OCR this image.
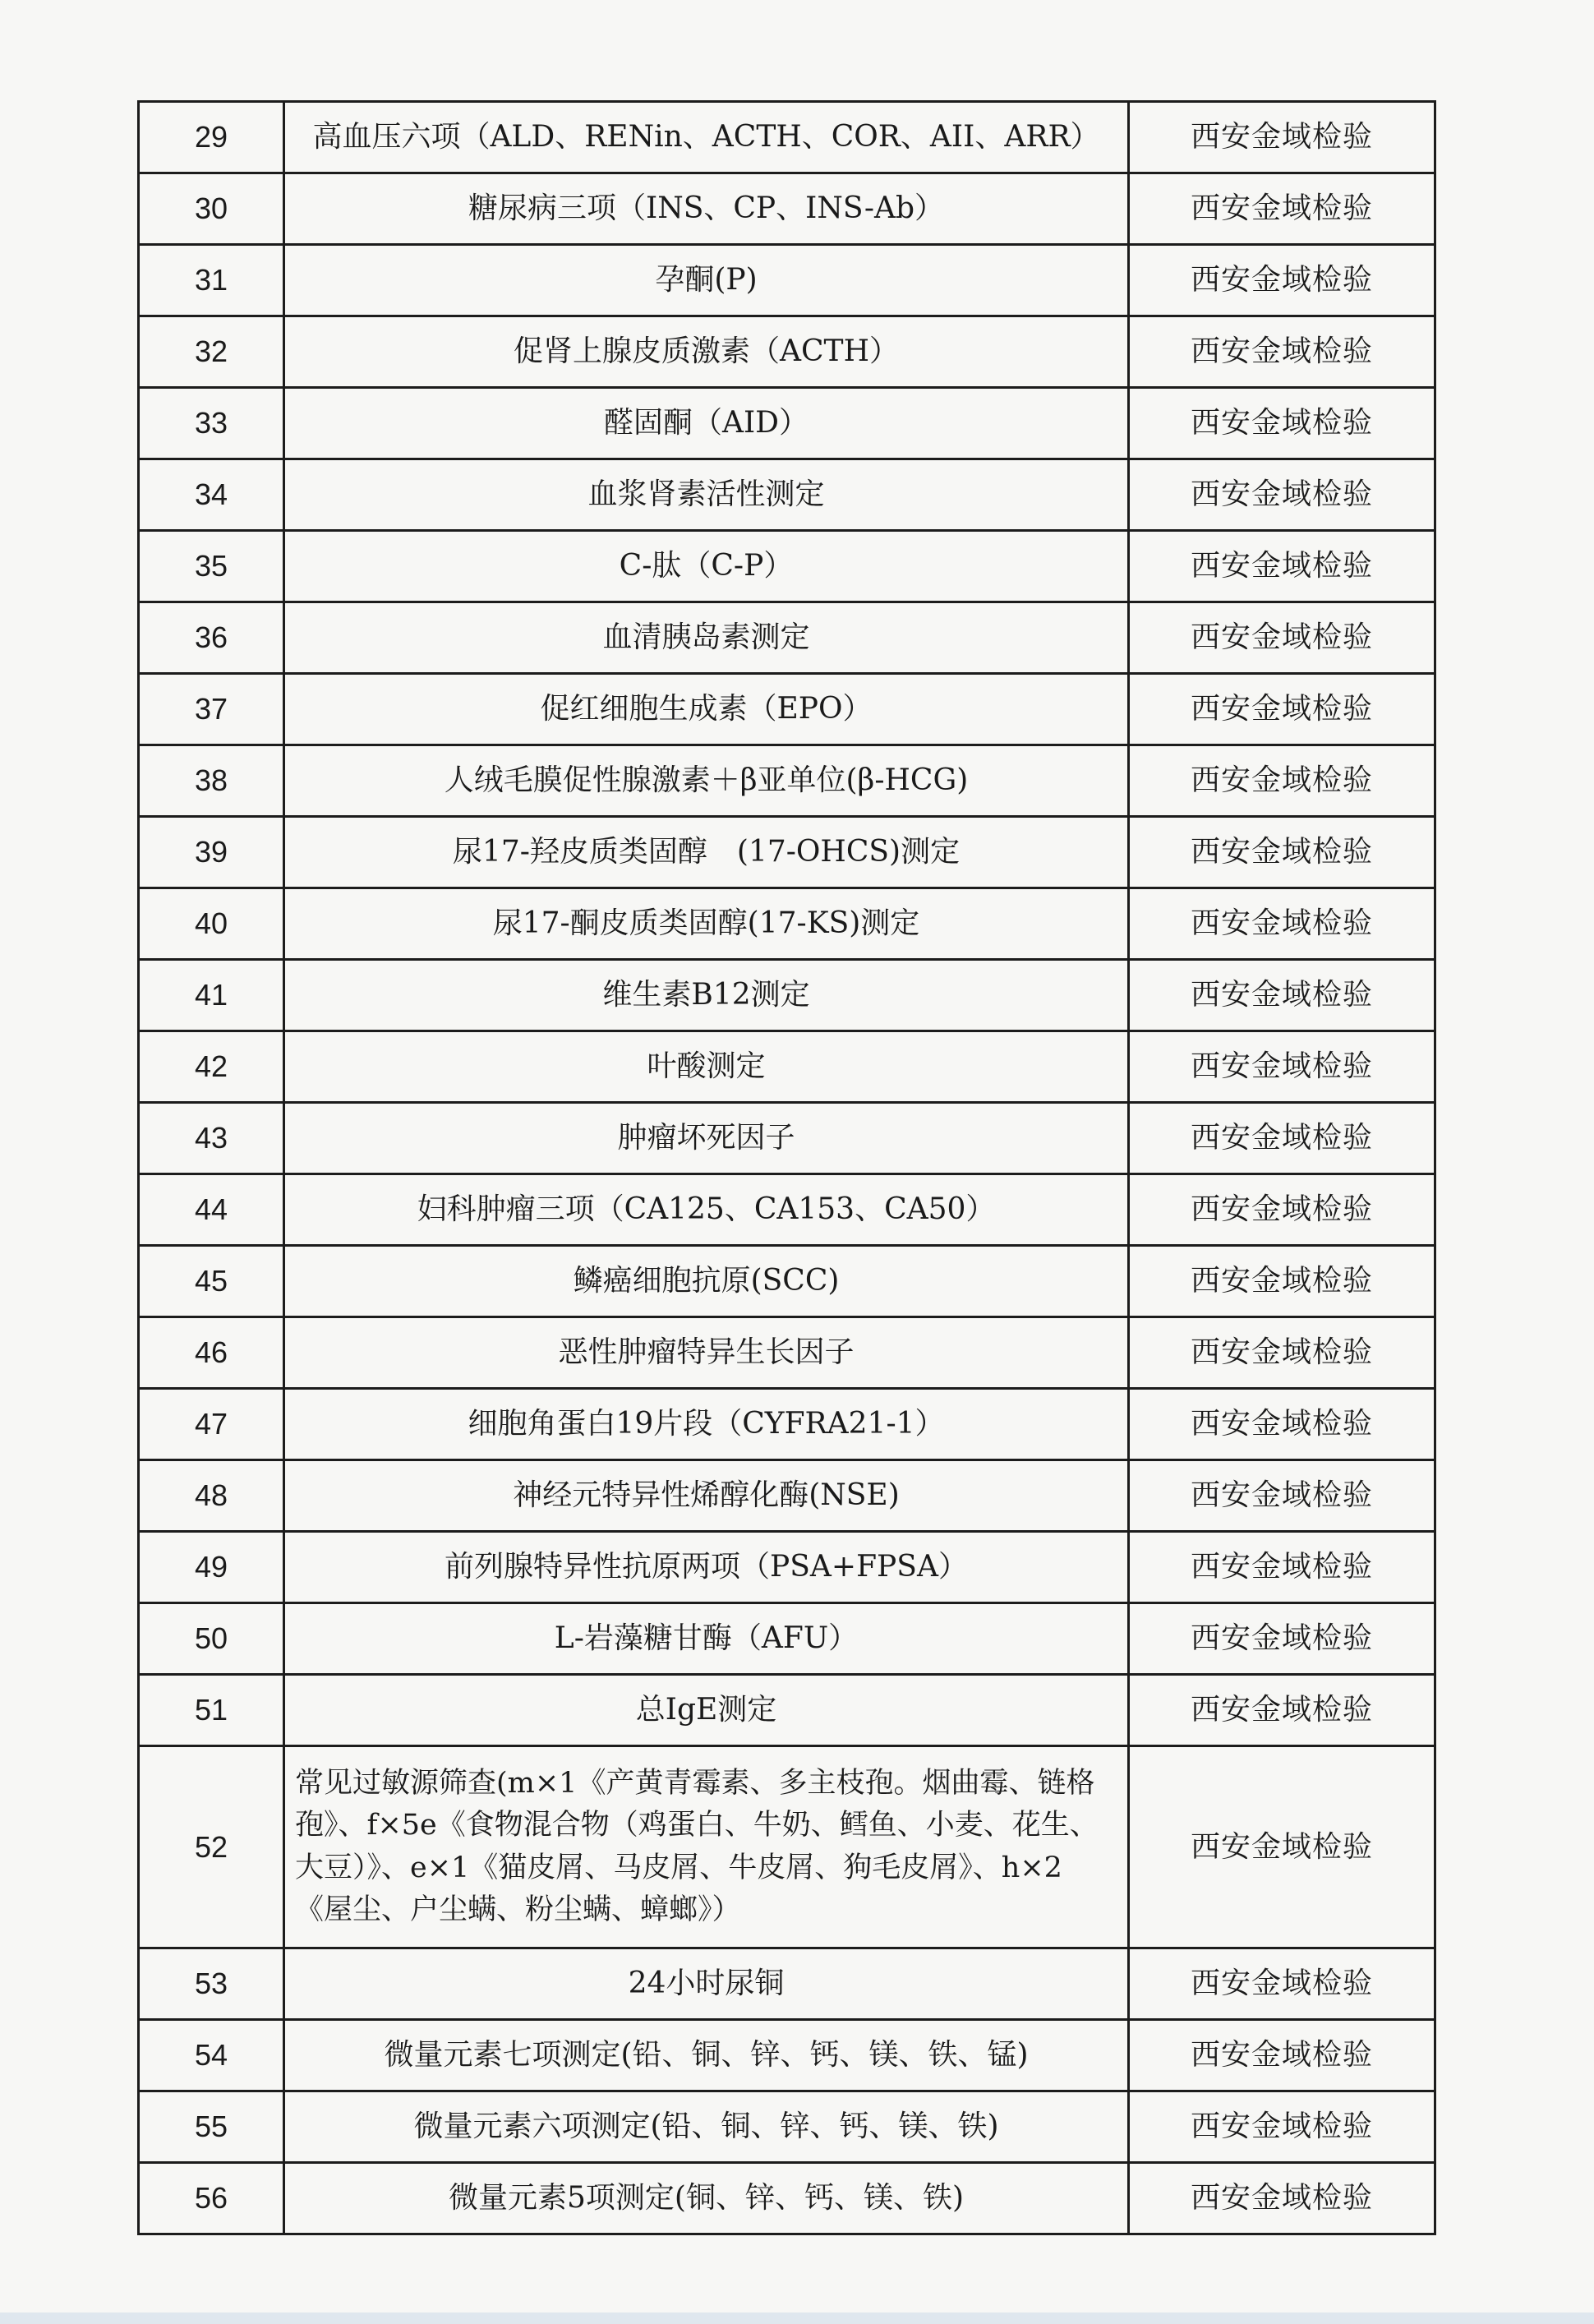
29	高血压六项（ALD、RENin、ACTH、COR、AII、ARR）	西安金域检验
30	糖尿病三项（INS、CP、INS-Ab）	西安金域检验
31	孕酮(P)	西安金域检验
32	促肾上腺皮质激素（ACTH）	西安金域检验
33	醛固酮（AID）	西安金域检验
34	血浆肾素活性测定	西安金域检验
35	C-肽（C-P）	西安金域检验
36	血清胰岛素测定	西安金域检验
37	促红细胞生成素（EPO）	西安金域检验
38	人绒毛膜促性腺激素＋β亚单位(β-HCG)	西安金域检验
39	尿17-羟皮质类固醇　(17-OHCS)测定	西安金域检验
40	尿17-酮皮质类固醇(17-KS)测定	西安金域检验
41	维生素B12测定	西安金域检验
42	叶酸测定	西安金域检验
43	肿瘤坏死因子	西安金域检验
44	妇科肿瘤三项（CA125、CA153、CA50）	西安金域检验
45	鳞癌细胞抗原(SCC)	西安金域检验
46	恶性肿瘤特异生长因子	西安金域检验
47	细胞角蛋白19片段（CYFRA21-1）	西安金域检验
48	神经元特异性烯醇化酶(NSE)	西安金域检验
49	前列腺特异性抗原两项（PSA+FPSA）	西安金域检验
50	L-岩藻糖甘酶（AFU）	西安金域检验
51	总IgE测定	西安金域检验
52	常见过敏源筛查(m×1《产黄青霉素、多主枝孢。烟曲霉、链格孢》、f×5e《食物混合物（鸡蛋白、牛奶、鳕鱼、小麦、花生、大豆）》、e×1《猫皮屑、马皮屑、牛皮屑、狗毛皮屑》、h×2《屋尘、户尘螨、粉尘螨、蟑螂》）	西安金域检验
53	24小时尿铜	西安金域检验
54	微量元素七项测定(铅、铜、锌、钙、镁、铁、锰)	西安金域检验
55	微量元素六项测定(铅、铜、锌、钙、镁、铁)	西安金域检验
56	微量元素5项测定(铜、锌、钙、镁、铁)	西安金域检验
